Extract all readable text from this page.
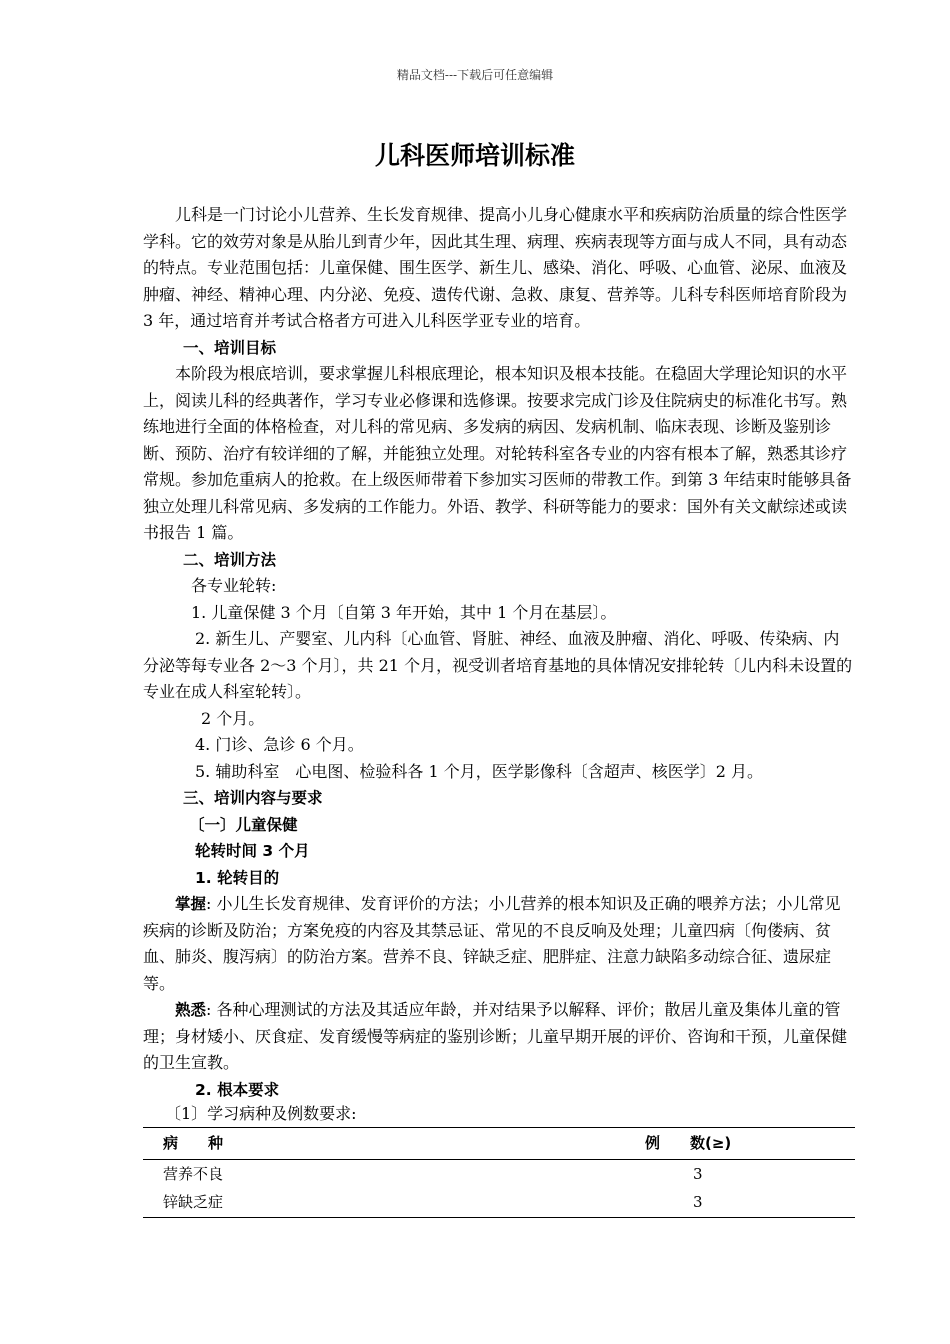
精品文档---下载后可任意编辑
儿科医师培训标准

儿科是一门讨论小儿营养、生长发育规律、提高小儿身心健康水平和疾病防治质量的综合性医学学科。它的效劳对象是从胎儿到青少年，因此其生理、病理、疾病表现等方面与成人不同，具有动态的特点。专业范围包括：儿童保健、围生医学、新生儿、感染、消化、呼吸、心血管、泌尿、血液及肿瘤、神经、精神心理、内分泌、免疫、遗传代谢、急救、康复、营养等。儿科专科医师培育阶段为 3 年，通过培育并考试合格者方可进入儿科医学亚专业的培育。

一、培训目标

本阶段为根底培训，要求掌握儿科根底理论，根本知识及根本技能。在稳固大学理论知识的水平上，阅读儿科的经典著作，学习专业必修课和选修课。按要求完成门诊及住院病史的标准化书写。熟练地进行全面的体格检查，对儿科的常见病、多发病的病因、发病机制、临床表现、诊断及鉴别诊断、预防、治疗有较详细的了解，并能独立处理。对轮转科室各专业的内容有根本了解，熟悉其诊疗常规。参加危重病人的抢救。在上级医师带着下参加实习医师的带教工作。到第 3 年结束时能够具备独立处理儿科常见病、多发病的工作能力。外语、教学、科研等能力的要求：国外有关文献综述或读书报告 1 篇。

二、培训方法

各专业轮转:

1. 儿童保健 3 个月〔自第 3 年开始，其中 1 个月在基层〕。

2. 新生儿、产婴室、儿内科〔心血管、肾脏、神经、血液及肿瘤、消化、呼吸、传染病、内分泌等每专业各 2～3 个月〕，共 21 个月，视受训者培育基地的具体情况安排轮转〔儿内科未设置的专业在成人科室轮转〕。

2 个月。

4. 门诊、急诊 6 个月。

5. 辅助科室　心电图、检验科各 1 个月，医学影像科〔含超声、核医学〕2 月。

三、培训内容与要求

〔一〕儿童保健

轮转时间 3 个月

1. 轮转目的

掌握: 小儿生长发育规律、发育评价的方法；小儿营养的根本知识及正确的喂养方法；小儿常见疾病的诊断及防治；方案免疫的内容及其禁忌证、常见的不良反响及处理；儿童四病〔佝偻病、贫血、肺炎、腹泻病〕的防治方案。营养不良、锌缺乏症、肥胖症、注意力缺陷多动综合征、遗尿症等。

熟悉: 各种心理测试的方法及其适应年龄，并对结果予以解释、评价；散居儿童及集体儿童的管理；身材矮小、厌食症、发育缓慢等病症的鉴别诊断；儿童早期开展的评价、咨询和干预，儿童保健的卫生宣教。

2. 根本要求

〔1〕学习病种及例数要求:

病　　种	例　　数(≥)
营养不良	3
锌缺乏症	3
